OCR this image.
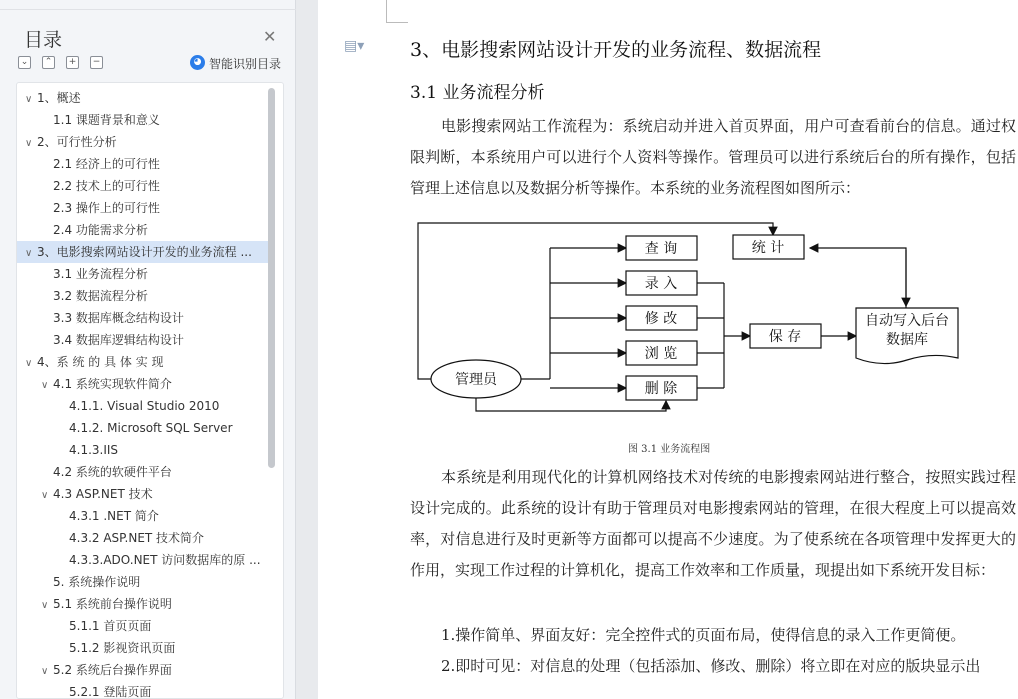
目录	✕
⌄	⌃	+	−	◕ 智能识别目录
∨ 1、概述
1.1 课题背景和意义
∨ 2、可行性分析
2.1 经济上的可行性
2.2 技术上的可行性
2.3 操作上的可行性
2.4 功能需求分析
∨ 3、电影搜索网站设计开发的业务流程 ...
3.1 业务流程分析
3.2 数据流程分析
3.3 数据库概念结构设计
3.4 数据库逻辑结构设计
∨ 4、系 统 的 具 体 实 现
∨ 4.1 系统实现软件简介
4.1.1. Visual Studio 2010
4.1.2. Microsoft SQL Server
4.1.3.IIS
4.2 系统的软硬件平台
∨ 4.3 ASP.NET 技术
4.3.1 .NET 简介
4.3.2 ASP.NET 技术简介
4.3.3.ADO.NET 访问数据库的原 ...
5. 系统操作说明
∨ 5.1 系统前台操作说明
5.1.1 首页页面
5.1.2 影视资讯页面
∨ 5.2 系统后台操作界面
5.2.1 登陆页面
▤▾ 3、电影搜索网站设计开发的业务流程、数据流程
3.1 业务流程分析
电影搜索网站工作流程为：系统启动并进入首页界面，用户可查看前台的信息。通过权限判断，本系统用户可以进行个人资料等操作。管理员可以进行系统后台的所有操作，包括管理上述信息以及数据分析等操作。本系统的业务流程图如图所示：
管理员
查 询
录 入
修 改
浏 览
删 除
统 计
保 存
自动写入后台
数据库
图 3.1 业务流程图
本系统是利用现代化的计算机网络技术对传统的电影搜索网站进行整合，按照实践过程设计完成的。此系统的设计有助于管理员对电影搜索网站的管理，在很大程度上可以提高效率，对信息进行及时更新等方面都可以提高不少速度。为了使系统在各项管理中发挥更大的作用，实现工作过程的计算机化，提高工作效率和工作质量，现提出如下系统开发目标：
1.操作简单、界面友好：完全控件式的页面布局，使得信息的录入工作更简便。
2.即时可见：对信息的处理（包括添加、修改、删除）将立即在对应的版块显示出
